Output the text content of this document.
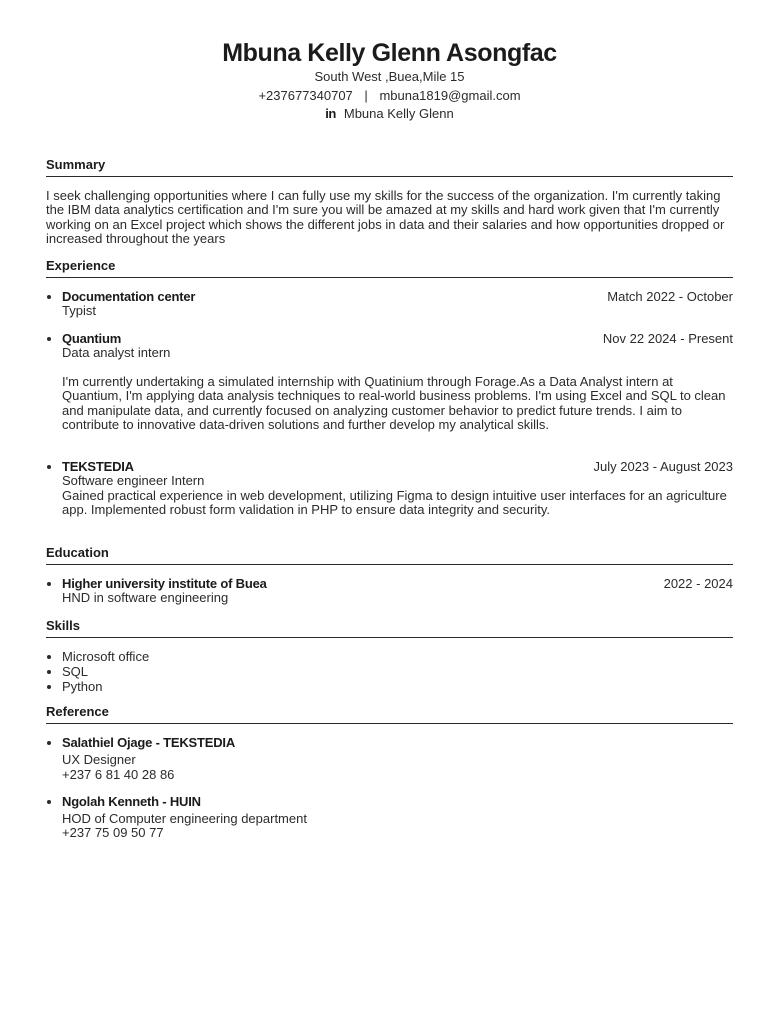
Mbuna Kelly Glenn Asongfac
South West ,Buea,Mile 15
+237677340707 | mbuna1819@gmail.com
in Mbuna Kelly Glenn
Summary
I seek challenging opportunities where I can fully use my skills for the success of the organization. I'm currently taking the IBM data analytics certification and I'm sure you will be amazed at my skills and hard work given that I'm currently working on an Excel project which shows the different jobs in data and their salaries and how opportunities dropped or increased throughout the years
Experience
• Documentation center	Match 2022 - October
Typist
• Quantium	Nov 22 2024 - Present
Data analyst intern
I'm currently undertaking a simulated internship with Quatinium through Forage.As a Data Analyst intern at Quantium, I'm applying data analysis techniques to real-world business problems. I'm using Excel and SQL to clean and manipulate data, and currently focused on analyzing customer behavior to predict future trends. I aim to contribute to innovative data-driven solutions and further develop my analytical skills.
• TEKSTEDIA	July 2023 - August 2023
Software engineer Intern
Gained practical experience in web development, utilizing Figma to design intuitive user interfaces for an agriculture app. Implemented robust form validation in PHP to ensure data integrity and security.
Education
• Higher university institute of Buea	2022 - 2024
HND in software engineering
Skills
• Microsoft office
• SQL
• Python
Reference
• Salathiel Ojage - TEKSTEDIA
UX Designer
+237 6 81 40 28 86
• Ngolah Kenneth - HUIN
HOD of Computer engineering department
+237 75 09 50 77
